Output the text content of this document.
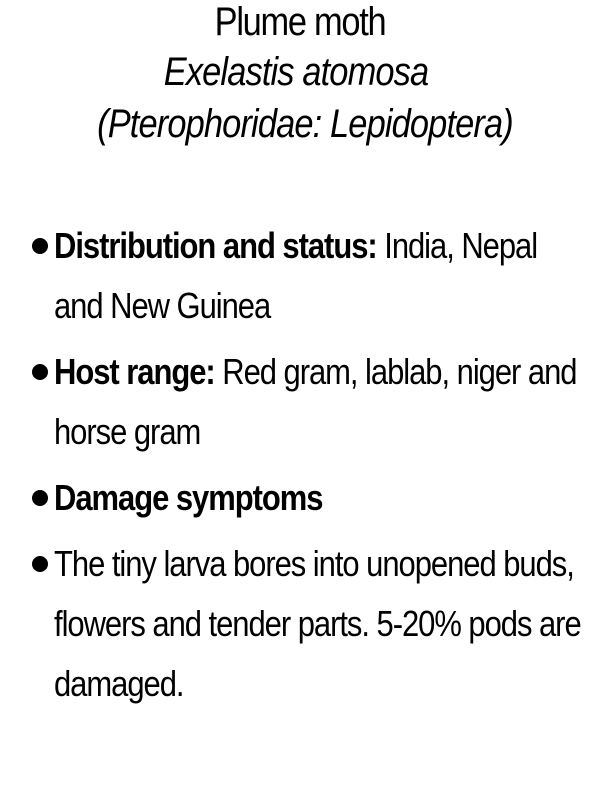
Plume moth
Exelastis atomosa
(Pterophoridae: Lepidoptera)
Distribution and status: India, Nepal and New Guinea
Host range: Red gram, lablab, niger and horse gram
Damage symptoms
The tiny larva bores into unopened buds, flowers and tender parts. 5-20% pods are damaged.
